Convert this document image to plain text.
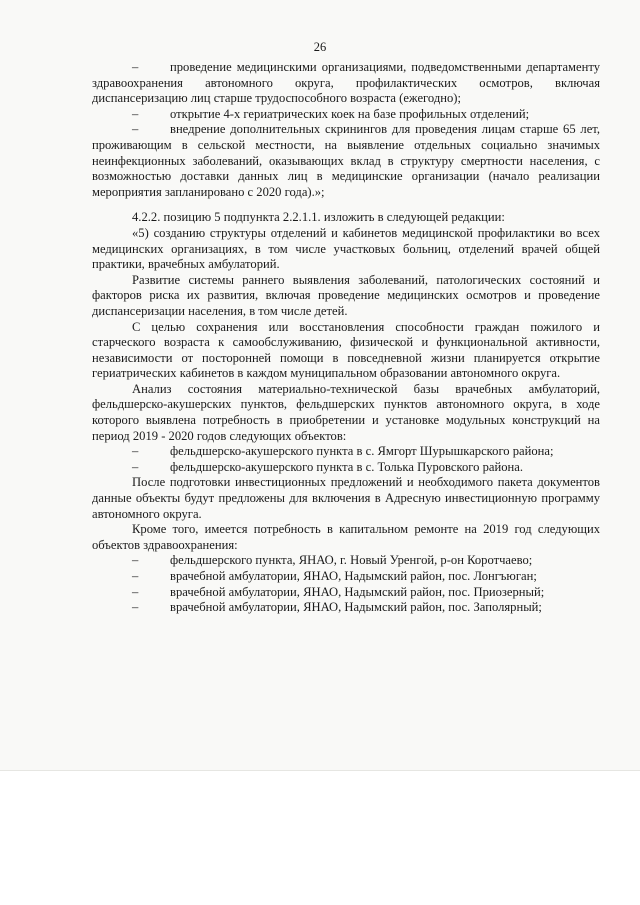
26

–	проведение медицинскими организациями, подведомственными департаменту здравоохранения автономного округа, профилактических осмотров, включая диспансеризацию лиц старше трудоспособного возраста (ежегодно);

–	открытие 4-х гериатрических коек на базе профильных отделений;

–	внедрение дополнительных скринингов для проведения лицам старше 65 лет, проживающим в сельской местности, на выявление отдельных социально значимых неинфекционных заболеваний, оказывающих вклад в структуру смертности населения, с возможностью доставки данных лиц в медицинские организации (начало реализации мероприятия запланировано с 2020 года).»;

4.2.2. позицию 5 подпункта 2.2.1.1. изложить в следующей редакции:

«5) созданию структуры отделений и кабинетов медицинской профилактики во всех медицинских организациях, в том числе участковых больниц, отделений врачей общей практики, врачебных амбулаторий.

Развитие системы раннего выявления заболеваний, патологических состояний и факторов риска их развития, включая проведение медицинских осмотров и проведение диспансеризации населения, в том числе детей.

С целью сохранения или восстановления способности граждан пожилого и старческого возраста к самообслуживанию, физической и функциональной активности, независимости от посторонней помощи в повседневной жизни планируется открытие гериатрических кабинетов в каждом муниципальном образовании автономного округа.

Анализ состояния материально-технической базы врачебных амбулаторий, фельдшерско-акушерских пунктов, фельдшерских пунктов автономного округа, в ходе которого выявлена потребность в приобретении и установке модульных конструкций на период 2019 - 2020 годов следующих объектов:

–	фельдшерско-акушерского пункта в с. Ямгорт Шурышкарского района;

–	фельдшерско-акушерского пункта в с. Толька Пуровского района.

После подготовки инвестиционных предложений и необходимого пакета документов данные объекты будут предложены для включения в Адресную инвестиционную программу автономного округа.

Кроме того, имеется потребность в капитальном ремонте на 2019 год следующих объектов здравоохранения:

–	фельдшерского пункта, ЯНАО, г. Новый Уренгой, р-он Коротчаево;

–	врачебной амбулатории, ЯНАО, Надымский район, пос. Лонгъюган;

–	врачебной амбулатории, ЯНАО, Надымский район, пос. Приозерный;

–	врачебной амбулатории, ЯНАО, Надымский район, пос. Заполярный;
